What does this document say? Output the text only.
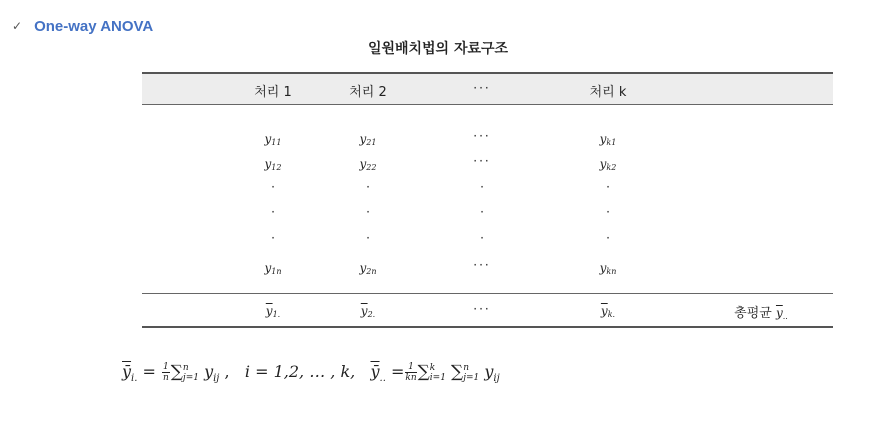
✓ One-way ANOVA
일원배치법의 자료구조
처리 1	처리 2	···	처리 k
$y_{11}$	$y_{21}$	···	$y_{k1}$
$y_{12}$	$y_{22}$	···	$y_{k2}$
·	·	·	·
·	·	·	·
·	·	·	·
$y_{1n}$	$y_{2n}$	···	$y_{kn}$
$\overline{y}_{1.}$	$\overline{y}_{2.}$	···	$\overline{y}_{k.}$	총평균 $\overline{y}_{..}$
$\overline{ȳ}_{i.} = \frac{1}{n}$ ∑ n
j=1 $y_{ij}$ , i = 1,2, … , k, $\overline{ȳ}_{..} = \frac{1}{kn}$ ∑ k
i=1 ∑ n
j=1 $y_{ij}$
